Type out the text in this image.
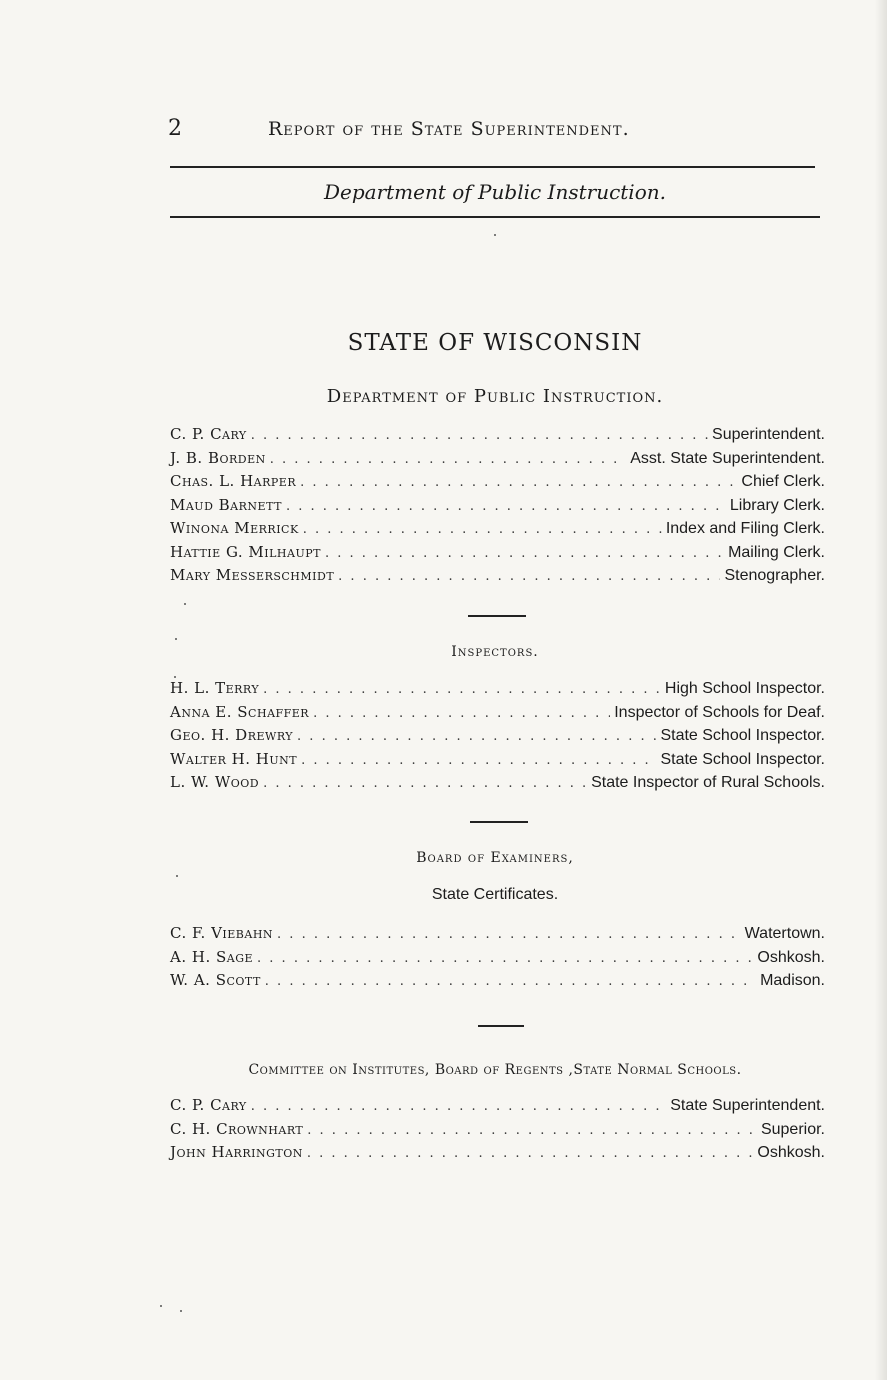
2	Report of the State Superintendent.
Department of Public Instruction.
STATE OF WISCONSIN
Department of Public Instruction.
C. P. Cary . . .	Superintendent.
J. B. Borden . . .	Asst. State Superintendent.
Chas. L. Harper . . .	Chief Clerk.
Maud Barnett . . .	Library Clerk.
Winona Merrick . . .	Index and Filing Clerk.
Hattie G. Milhaupt . . .	Mailing Clerk.
Mary Messerschmidt . . .	Stenographer.
Inspectors.
H. L. Terry . . .	High School Inspector.
Anna E. Schaffer . . .	Inspector of Schools for Deaf.
Geo. H. Drewry . . .	State School Inspector.
Walter H. Hunt . . .	State School Inspector.
L. W. Wood . . .	State Inspector of Rural Schools.
Board of Examiners,
State Certificates.
C. F. Viebahn . . .	Watertown.
A. H. Sage . . .	Oshkosh.
W. A. Scott . . .	Madison.
Committee on Institutes, Board of Regents ,State Normal Schools.
C. P. Cary . . .	State Superintendent.
C. H. Crownhart . . .	Superior.
John Harrington . . .	Oshkosh.
